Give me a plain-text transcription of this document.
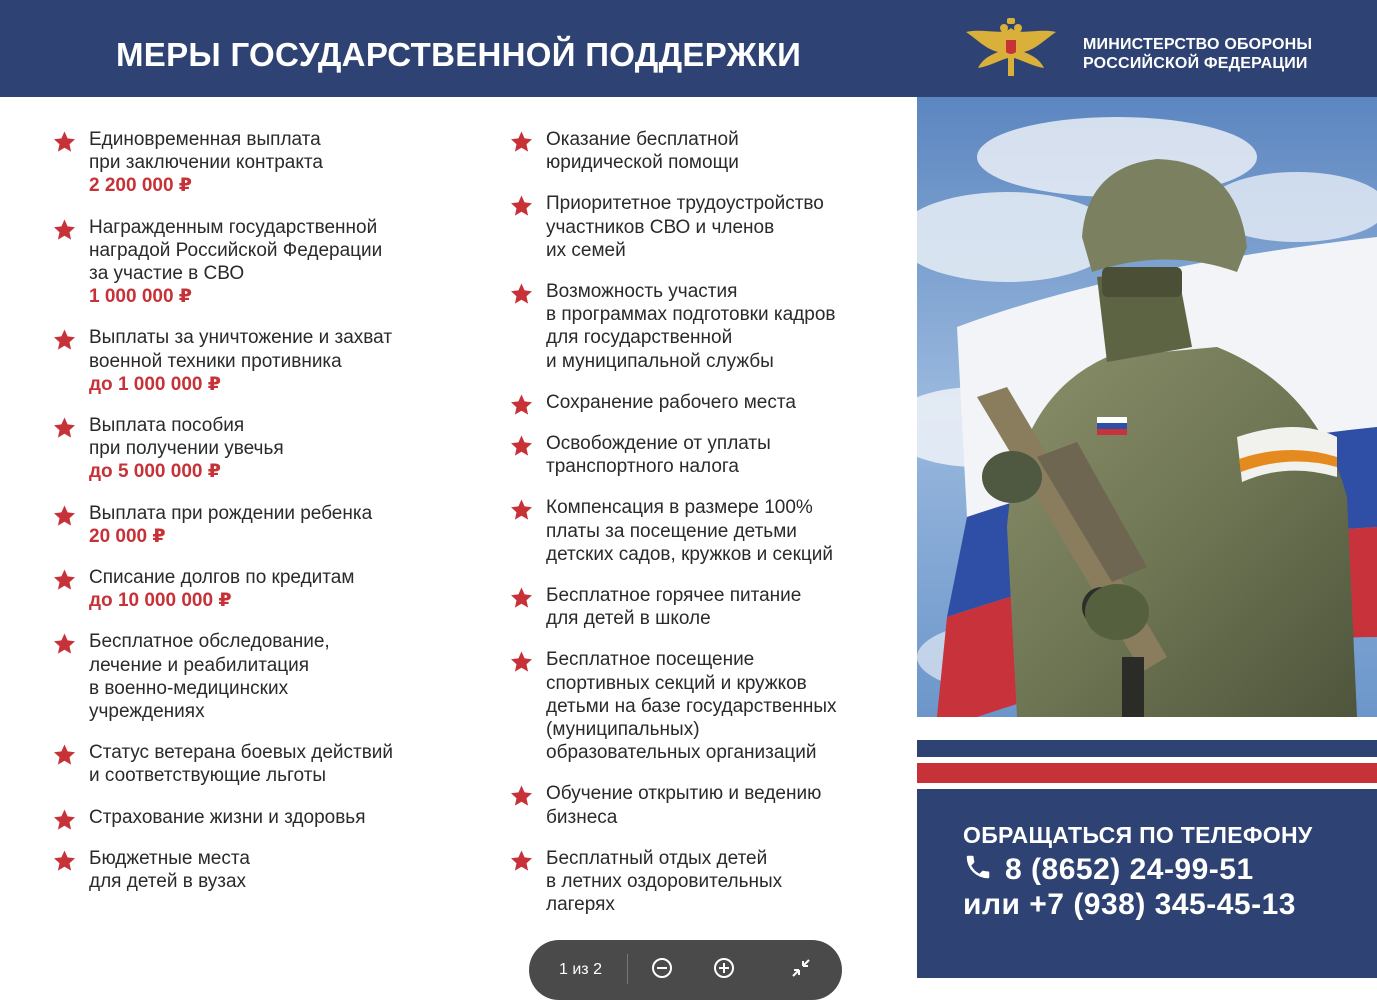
МЕРЫ ГОСУДАРСТВЕННОЙ ПОДДЕРЖКИ	МИНИСТЕРСТВО ОБОРОНЫ
РОССИЙСКОЙ ФЕДЕРАЦИИ
Единовременная выплата
при заключении контракта
2 200 000 ₽
Награжденным государственной
наградой Российской Федерации
за участие в СВО
1 000 000 ₽
Выплаты за уничтожение и захват
военной техники противника
до 1 000 000 ₽
Выплата пособия
при получении увечья
до 5 000 000 ₽
Выплата при рождении ребенка
20 000 ₽
Списание долгов по кредитам
до 10 000 000 ₽
Бесплатное обследование,
лечение и реабилитация
в военно-медицинских
учреждениях
Статус ветерана боевых действий
и соответствующие льготы
Страхование жизни и здоровья
Бюджетные места
для детей в вузах
Оказание бесплатной
юридической помощи
Приоритетное трудоустройство
участников СВО и членов
их семей
Возможность участия
в программах подготовки кадров
для государственной
и муниципальной службы
Сохранение рабочего места
Освобождение от уплаты
транспортного налога
Компенсация в размере 100%
платы за посещение детьми
детских садов, кружков и секций
Бесплатное горячее питание
для детей в школе
Бесплатное посещение
спортивных секций и кружков
детьми на базе государственных
(муниципальных)
образовательных организаций
Обучение открытию и ведению
бизнеса
Бесплатный отдых детей
в летних оздоровительных
лагерях
ОБРАЩАТЬСЯ ПО ТЕЛЕФОНУ
8 (8652) 24-99-51
или +7 (938) 345-45-13
1 из 2
